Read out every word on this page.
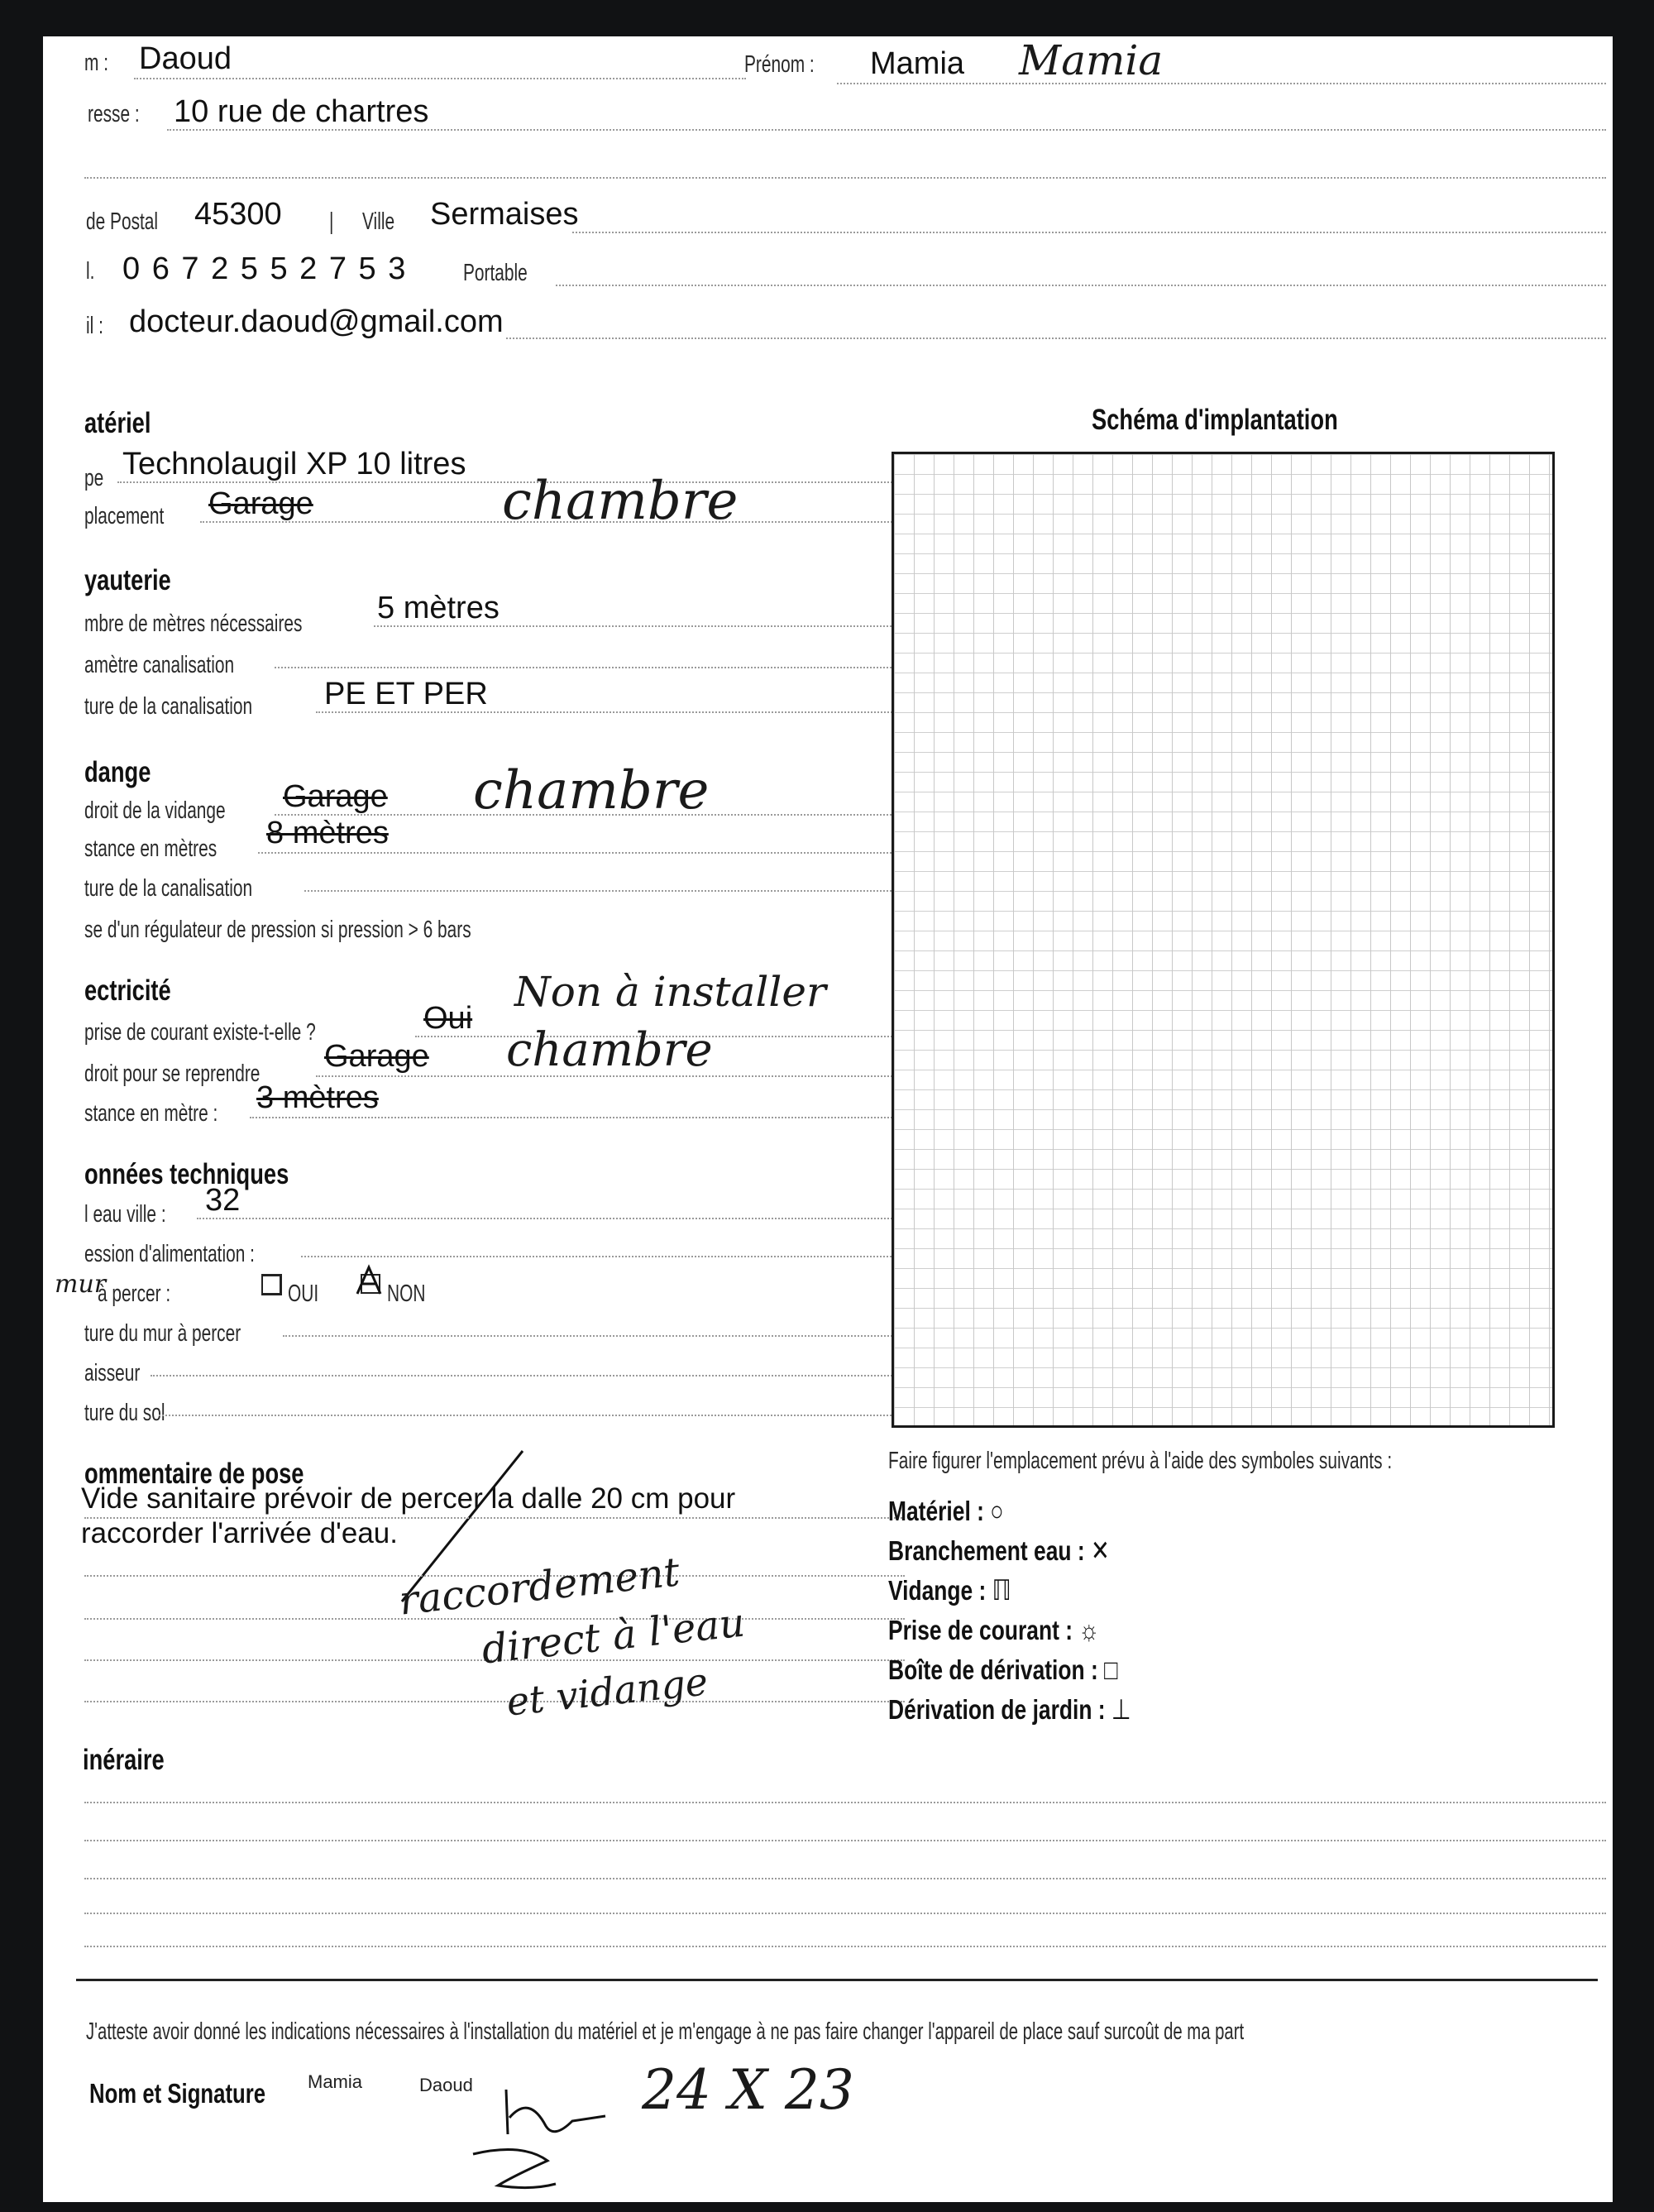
m : Daoud	Prénom : Mamia Mamia
resse : 10 rue de chartres
de Postal 45300 | Ville Sermaises
l. 0 6 7 2 5 5 2 7 5 3 Portable
il : docteur.daoud@gmail.com
atériel
pe Technolaugil XP 10 litres
placement Garage	chambre
yauterie
mbre de mètres nécessaires 5 mètres
amètre canalisation
ture de la canalisation PE ET PER
dange
droit de la vidange Garage chambre
stance en mètres 8 mètres
ture de la canalisation
se d'un régulateur de pression si pression > 6 bars
ectricité
prise de courant existe-t-elle ?	Oui
Non à installer
droit pour se reprendre Garage chambre
stance en mètre : 3 mètres
onnées techniques
l eau ville : 32
ession d'alimentation :
mur
à percer :	OUI	NON
ture du mur à percer
aisseur
ture du sol
ommentaire de pose
Vide sanitaire prévoir de percer la dalle 20 cm pour
raccorder l'arrivée d'eau.
raccordement
direct à l'eau
et vidange
inéraire
Schéma d'implantation
Faire figurer l'emplacement prévu à l'aide des symboles suivants :
Matériel : ○
Branchement eau : ✕
Vidange : ℿ
Prise de courant : ☼
Boîte de dérivation : □
Dérivation de jardin : ⊥
J'atteste avoir donné les indications nécessaires à l'installation du matériel et je m'engage à ne pas faire changer l'appareil de place sauf surcoût de ma part
Nom et Signature Mamia	Daoud	24 X 23
